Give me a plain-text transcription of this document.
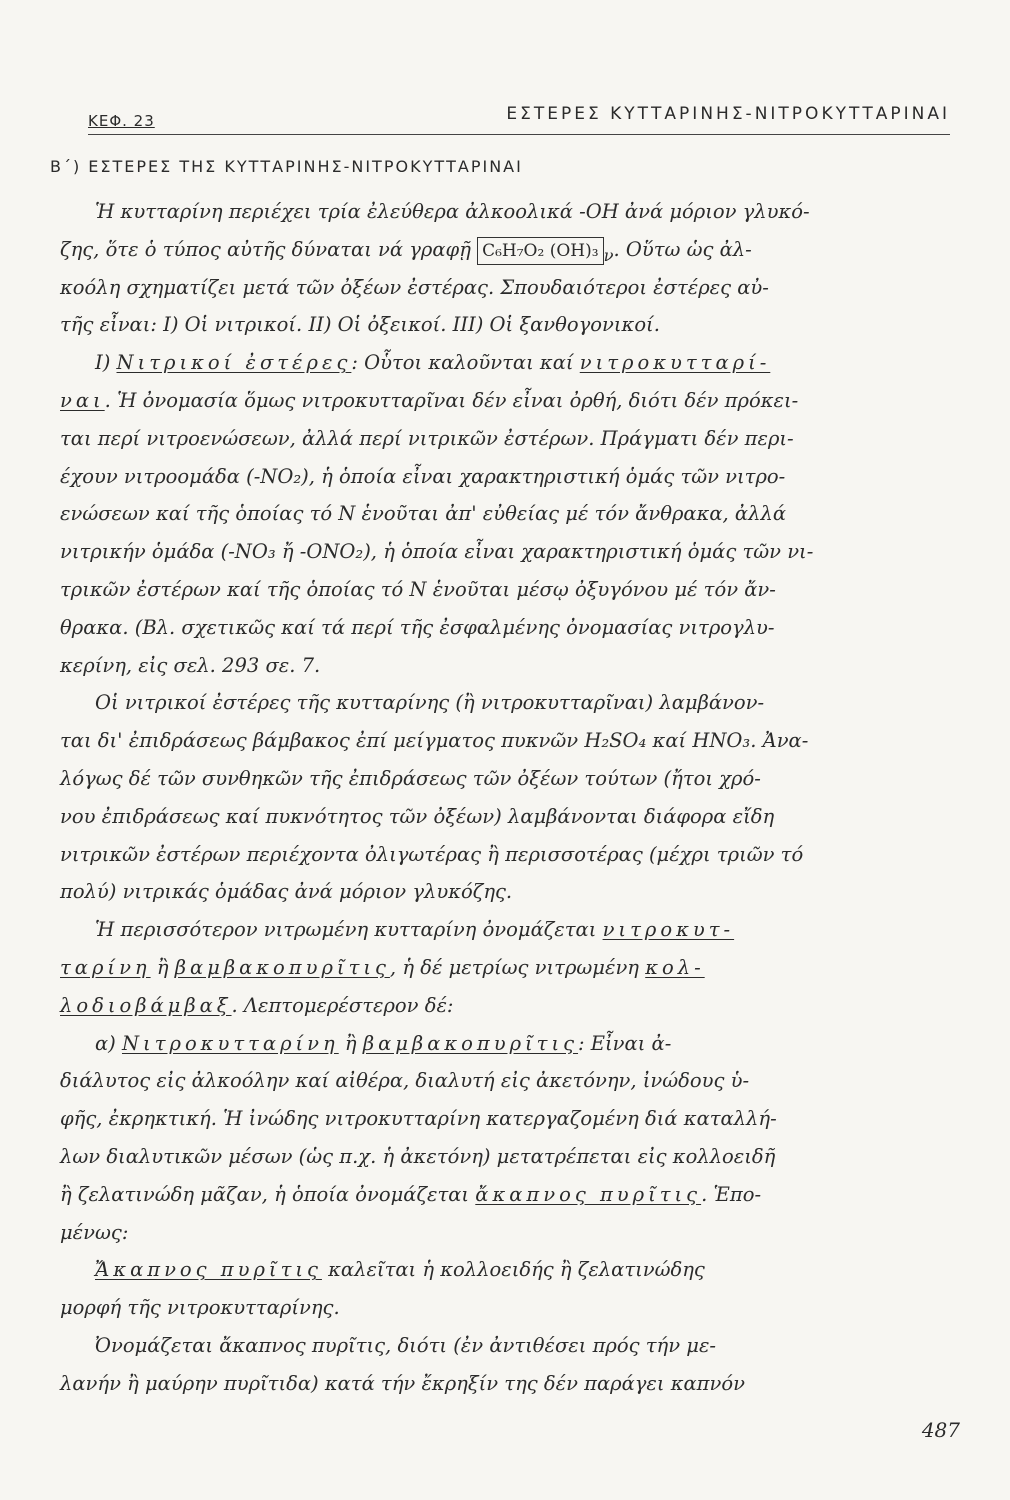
ΚΕΦ. 23	ΕΣΤΕΡΕΣ ΚΥΤΤΑΡΙΝΗΣ-ΝΙΤΡΟΚΥΤΤΑΡΙΝΑΙ
Β΄) ΕΣΤΕΡΕΣ ΤΗΣ ΚΥΤΤΑΡΙΝΗΣ-ΝΙΤΡΟΚΥΤΤΑΡΙΝΑΙ
Ἡ κυτταρίνη περιέχει τρία ἐλεύθερα ἀλκοολικά -ΟΗ ἀνά μόριον γλυκό-
ζης, ὅτε ὁ τύπος αὐτῆς δύναται νά γραφῇ C₆H₇O₂ (OH)₃ $_\nu$. Οὕτω ὡς ἀλ-
κοόλη σχηματίζει μετά τῶν ὀξέων ἐστέρας. Σπουδαιότεροι ἐστέρες αὐ-
τῆς εἶναι: Ι) Οἱ νιτρικοί. ΙΙ) Οἱ ὀξεικοί. ΙΙΙ) Οἱ ξανθογονικοί.
Ι) Νιτρικοί ἐστέρες: Οὗτοι καλοῦνται καί νιτροκυτταρί-
ναι. Ἡ ὀνομασία ὅμως νιτροκυτταρῖναι δέν εἶναι ὀρθή, διότι δέν πρόκει-
ται περί νιτροενώσεων, ἀλλά περί νιτρικῶν ἐστέρων. Πράγματι δέν περι-
έχουν νιτροομάδα (-NO₂), ἡ ὁποία εἶναι χαρακτηριστική ὁμάς τῶν νιτρο-
ενώσεων καί τῆς ὁποίας τό Ν ἑνοῦται ἀπ' εὐθείας μέ τόν ἄνθρακα, ἀλλά
νιτρικήν ὁμάδα (-NO₃ ἤ -ONO₂), ἡ ὁποία εἶναι χαρακτηριστική ὁμάς τῶν νι-
τρικῶν ἐστέρων καί τῆς ὁποίας τό Ν ἑνοῦται μέσῳ ὀξυγόνου μέ τόν ἄν-
θρακα. (Βλ. σχετικῶς καί τά περί τῆς ἐσφαλμένης ὀνομασίας νιτρογλυ-
κερίνη, εἰς σελ. 293 σε. 7.
Οἱ νιτρικοί ἐστέρες τῆς κυτταρίνης (ἢ νιτροκυτταρῖναι) λαμβάνον-
ται δι' ἐπιδράσεως βάμβακος ἐπί μείγματος πυκνῶν H₂SO₄ καί HNO₃. Ἀνα-
λόγως δέ τῶν συνθηκῶν τῆς ἐπιδράσεως τῶν ὀξέων τούτων (ἤτοι χρό-
νου ἐπιδράσεως καί πυκνότητος τῶν ὀξέων) λαμβάνονται διάφορα εἴδη
νιτρικῶν ἐστέρων περιέχοντα ὀλιγωτέρας ἢ περισσοτέρας (μέχρι τριῶν τό
πολύ) νιτρικάς ὁμάδας ἀνά μόριον γλυκόζης.
Ἡ περισσότερον νιτρωμένη κυτταρίνη ὀνομάζεται νιτροκυτ-
ταρίνη ἢ βαμβακοπυρῖτις, ἡ δέ μετρίως νιτρωμένη κολ-
λοδιοβάμβαξ. Λεπτομερέστερον δέ:
α) Νιτροκυτταρίνη ἢ βαμβακοπυρῖτις: Εἶναι ἀ-
διάλυτος εἰς ἀλκοόλην καί αἰθέρα, διαλυτή εἰς ἀκετόνην, ἰνώδους ὑ-
φῆς, ἐκρηκτική. Ἡ ἰνώδης νιτροκυτταρίνη κατεργαζομένη διά καταλλή-
λων διαλυτικῶν μέσων (ὡς π.χ. ἡ ἀκετόνη) μετατρέπεται εἰς κολλοειδῆ
ἢ ζελατινώδη μᾶζαν, ἡ ὁποία ὀνομάζεται ἄκαπνος πυρῖτις. Ἑπο-
μένως:
Ἄκαπνος πυρῖτις καλεῖται ἡ κολλοειδής ἢ ζελατινώδης
μορφή τῆς νιτροκυτταρίνης.
Ὀνομάζεται ἄκαπνος πυρῖτις, διότι (ἐν ἀντιθέσει πρός τήν με-
λανήν ἢ μαύρην πυρῖτιδα) κατά τήν ἔκρηξίν της δέν παράγει καπνόν
487
